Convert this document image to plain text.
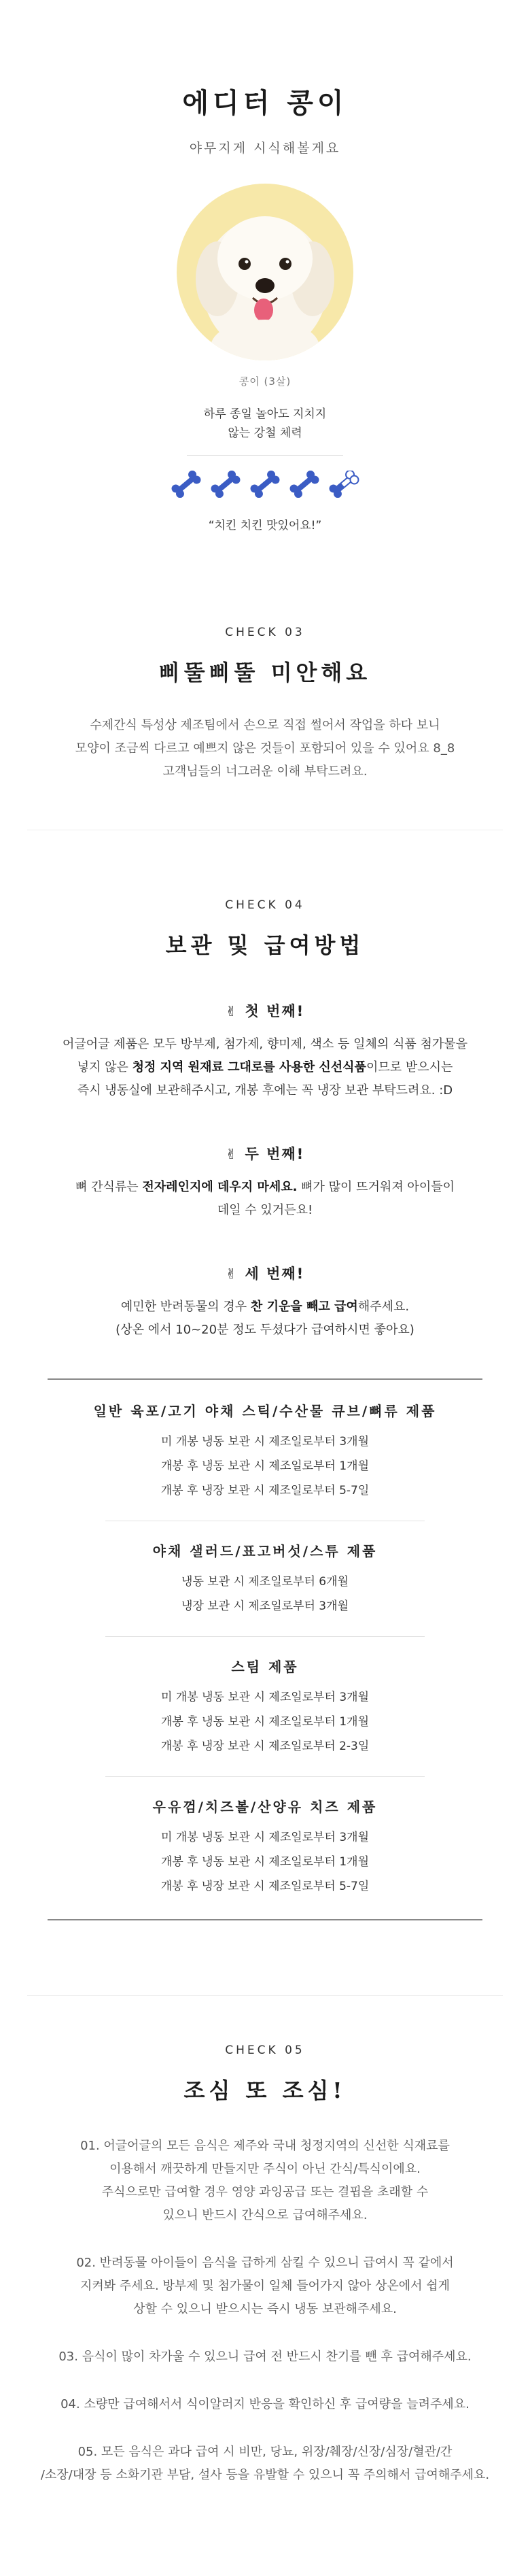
에디터 콩이
야무지게 시식해볼게요
콩이 (3살)
하루 종일 놀아도 지치지
않는 강철 체력
“치킨 치킨 맛있어요!”
CHECK 03
삐뚤삐뚤 미안해요
수제간식 특성상 제조팀에서 손으로 직접 썰어서 작업을 하다 보니
모양이 조금씩 다르고 예쁘지 않은 것들이 포함되어 있을 수 있어요 8_8
고객님들의 너그러운 이해 부탁드려요.
CHECK 04
보관 및 급여방법
✌ 첫 번째!
어글어글 제품은 모두 방부제, 첨가제, 향미제, 색소 등 일체의 식품 첨가물을
넣지 않은 청정 지역 원재료 그대로를 사용한 신선식품이므로 받으시는
즉시 냉동실에 보관해주시고, 개봉 후에는 꼭 냉장 보관 부탁드려요. :D
✌ 두 번째!
뼈 간식류는 전자레인지에 데우지 마세요. 뼈가 많이 뜨거워져 아이들이
데일 수 있거든요!
✌ 세 번째!
예민한 반려동물의 경우 찬 기운을 빼고 급여해주세요.
(상온 에서 10~20분 정도 두셨다가 급여하시면 좋아요)
일반 육포/고기 야채 스틱/수산물 큐브/뼈류 제품
미 개봉 냉동 보관 시 제조일로부터 3개월
개봉 후 냉동 보관 시 제조일로부터 1개월
개봉 후 냉장 보관 시 제조일로부터 5-7일
야채 샐러드/표고버섯/스튜 제품
냉동 보관 시 제조일로부터 6개월
냉장 보관 시 제조일로부터 3개월
스팀 제품
미 개봉 냉동 보관 시 제조일로부터 3개월
개봉 후 냉동 보관 시 제조일로부터 1개월
개봉 후 냉장 보관 시 제조일로부터 2-3일
우유껌/치즈볼/산양유 치즈 제품
미 개봉 냉동 보관 시 제조일로부터 3개월
개봉 후 냉동 보관 시 제조일로부터 1개월
개봉 후 냉장 보관 시 제조일로부터 5-7일
CHECK 05
조심 또 조심!

01. 어글어글의 모든 음식은 제주와 국내 청정지역의 신선한 식재료를
이용해서 깨끗하게 만들지만 주식이 아닌 간식/특식이에요.
주식으로만 급여할 경우 영양 과잉공급 또는 결핍을 초래할 수
있으니 반드시 간식으로 급여해주세요.

02. 반려동물 아이들이 음식을 급하게 삼킬 수 있으니 급여시 꼭 같에서
지켜봐 주세요. 방부제 및 첨가물이 일체 들어가지 않아 상온에서 쉽게
상할 수 있으니 받으시는 즉시 냉동 보관해주세요.

03. 음식이 많이 차가울 수 있으니 급여 전 반드시 찬기를 뺀 후 급여해주세요.

04. 소량만 급여해서서 식이알러지 반응을 확인하신 후 급여량을 늘려주세요.

05. 모든 음식은 과다 급여 시 비만, 당뇨, 위장/췌장/신장/심장/혈관/간
/소장/대장 등 소화기관 부담, 설사 등을 유발할 수 있으니 꼭 주의해서 급여해주세요.
